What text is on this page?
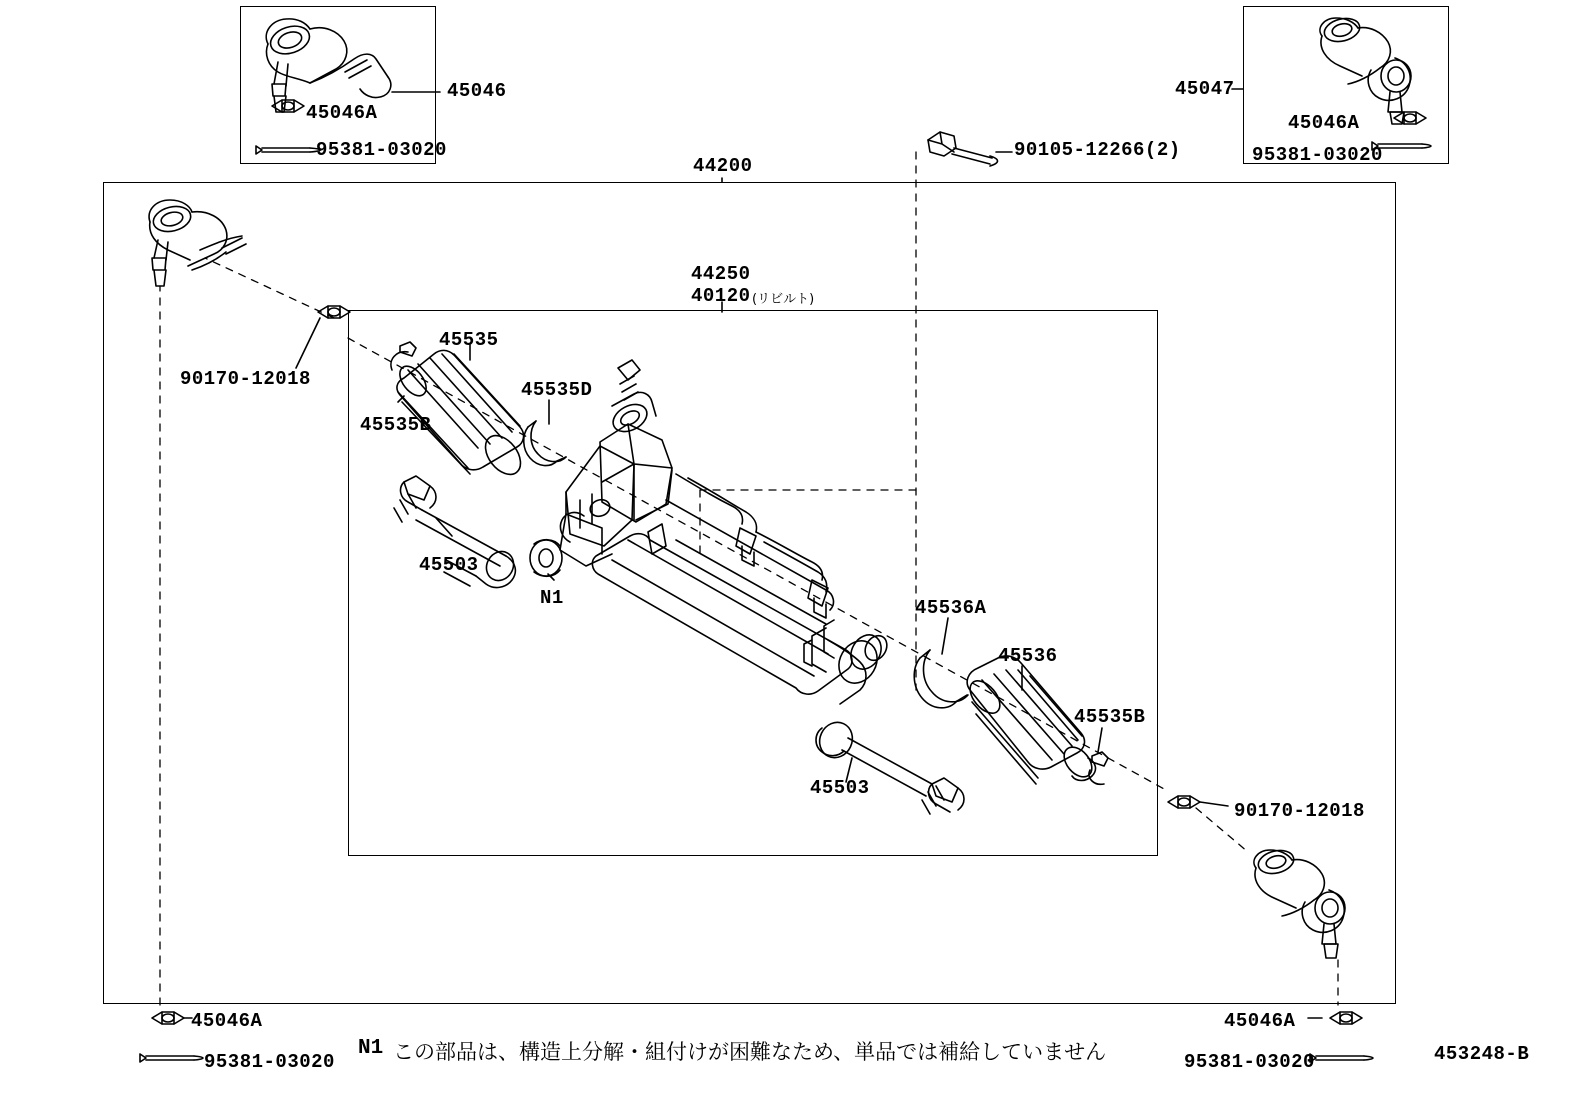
44200
44250
40120 (リビルト)
90105-12266(2)
45046
45046A
95381-03020
45047
45046A
95381-03020
90170-12018
90170-12018
45535
45535B
45535D
45503
N1	45536A
45536
45535B
45503
45046A
95381-03020
45046A
95381-03020
N1 この部品は、構造上分解・組付けが困難なため、単品では補給していません	453248-B
